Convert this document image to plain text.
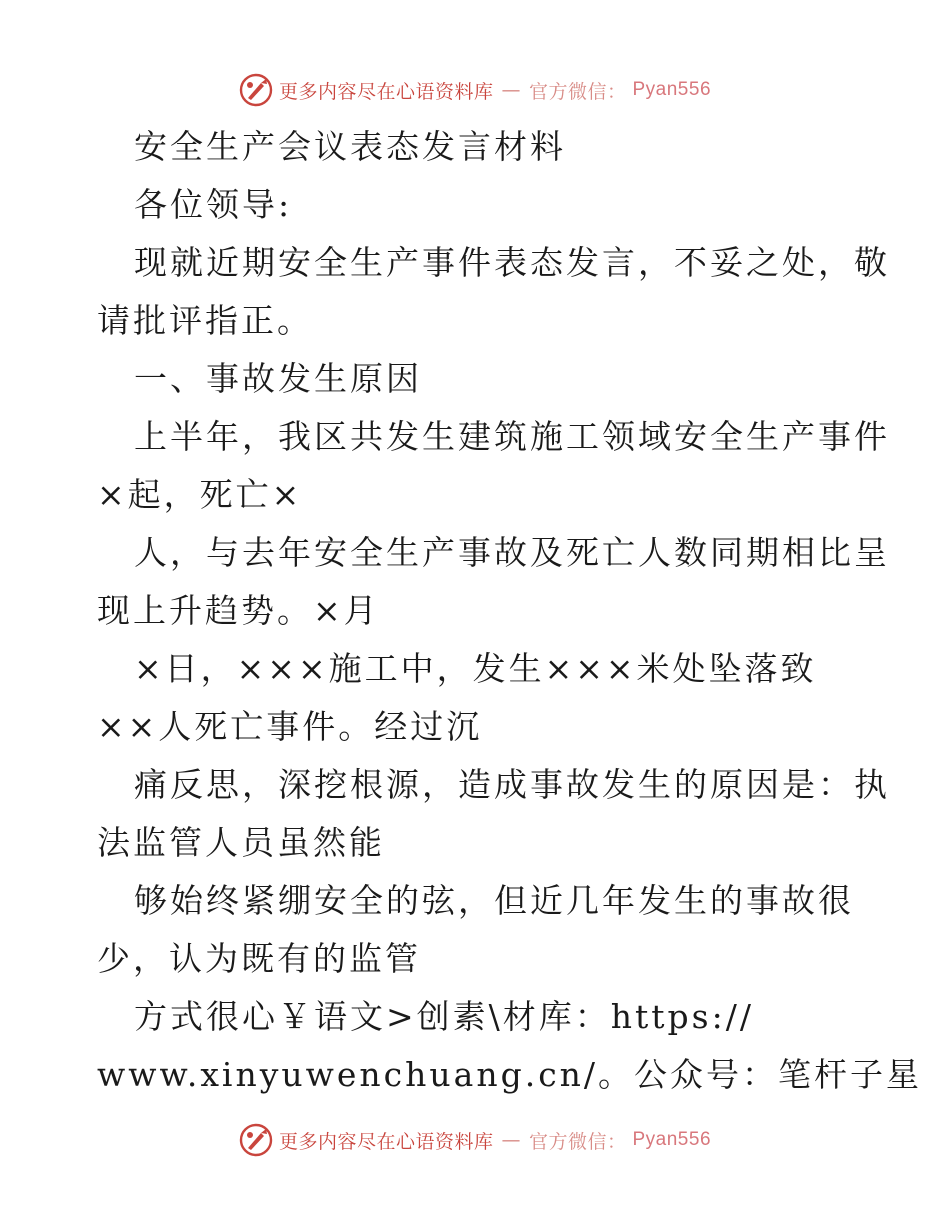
更多内容尽在心语资料库 — 官方微信： Pyan556
安全生产会议表态发言材料
各位领导:
现就近期安全生产事件表态发言，不妥之处，敬
请批评指正。
一、事故发生原因
上半年，我区共发生建筑施工领域安全生产事件
×起，死亡×
人，与去年安全生产事故及死亡人数同期相比呈
现上升趋势。×月
×日，×××施工中，发生×××米处坠落致
××人死亡事件。经过沉
痛反思，深挖根源，造成事故发生的原因是：执
法监管人员虽然能
够始终紧绷安全的弦，但近几年发生的事故很
少，认为既有的监管
方式很心￥语文>创素\材库：https://
www.xinyuwenchuang.cn/。公众号：笔杆子星
更多内容尽在心语资料库 — 官方微信： Pyan556
